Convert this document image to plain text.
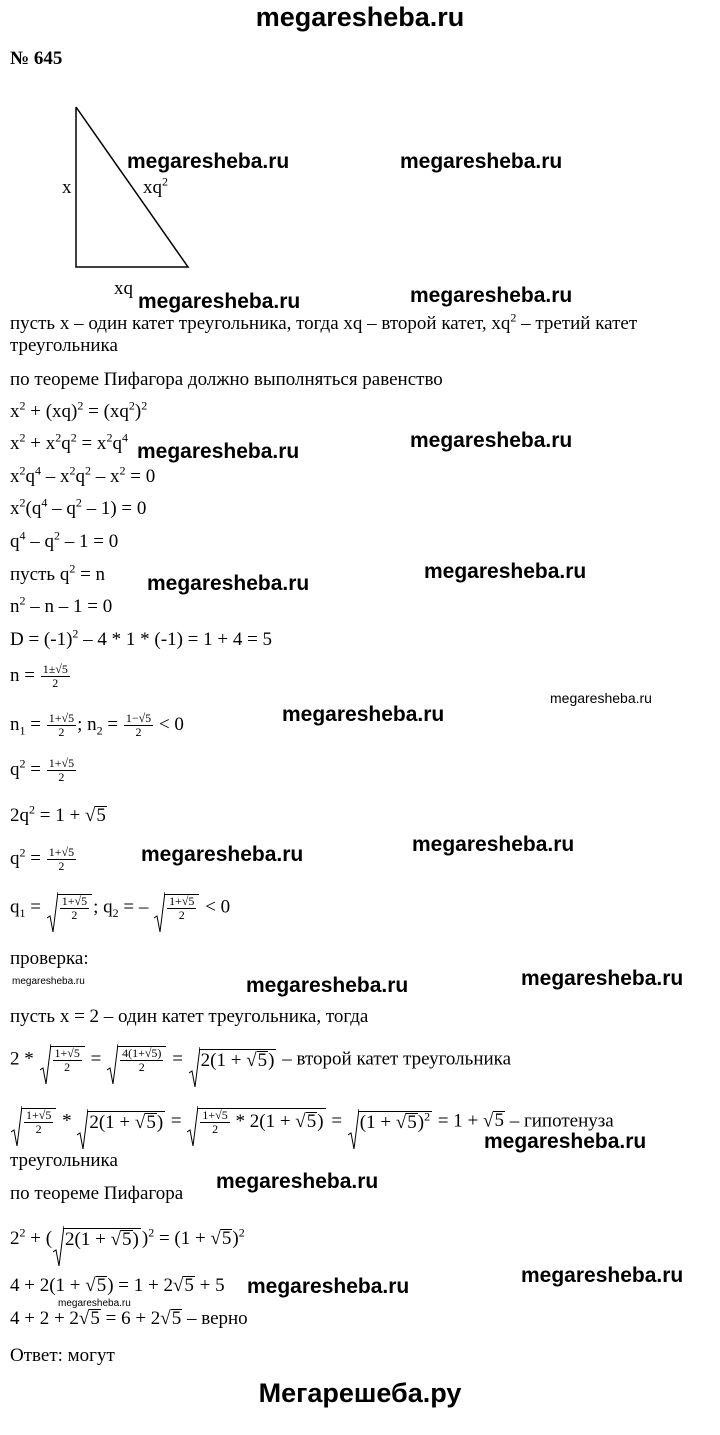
megaresheba.ru
№ 645
x	$xq^2$
xq
пусть x – один катет треугольника, тогда xq – второй катет, $xq^2$ – третий катет
треугольника
по теореме Пифагора должно выполняться равенство
$x^2 + (xq)^2 = (xq^2)^2$
$x^2 + x^2q^2 = x^2q^4$
$x^2q^4 - x^2q^2 - x^2 = 0$
$x^2(q^4 - q^2 - 1) = 0$
$q^4 - q^2 - 1 = 0$
пусть $q^2 = n$
$n^2 - n - 1 = 0$
$D = (-1)^2 - 4 * 1 * (-1) = 1 + 4 = 5$
$n = \frac{1\pm√5}{2}$
$n_1 = \frac{1+√5}{2}$ ; $n_2 = \frac{1-√5}{2} < 0$
$q^2 = \frac{1+√5}{2}$
$2q^2 = 1 + √5$
$q^2 = \frac{1+√5}{2}$
$q_1 = \frac{1+√5}{2}$ ; $q_2$ = – $\frac{1+√5}{2} < 0$
проверка:
пусть x = 2 – один катет треугольника, тогда
$2 * \frac{1+√5}{2} = \frac{4(1+√5)}{2}$ =
2(1 + √5) – второй катет треугольника
$\frac{1+√5}{2}$ *
$2(1 + √5) = \frac{1+√5}{2} * 2(1 + √5)$ =
$(1 + √5)^2 = 1 + √5$ – гипотенуза
треугольника
по теореме Пифагора
$2^2$ + ( 2(1 + √5) )$^2 = (1 + √5)^2$
4 + 2(1 + √5) = 1 + 2√5 + 5
4 + 2 + 2√5 = 6 + 2√5 – верно
Ответ: могут
megaresheba.ru	megaresheba.ru
megaresheba.ru	megaresheba.ru
megaresheba.ru	megaresheba.ru
megaresheba.ru
megaresheba.ru
megaresheba.ru
megaresheba.ru
megaresheba.ru
megaresheba.ru
megaresheba.ru	megaresheba.ru	megaresheba.ru
megaresheba.ru
megaresheba.ru
megaresheba.ru	megaresheba.ru
megaresheba.ru
Мегарешеба.ру
